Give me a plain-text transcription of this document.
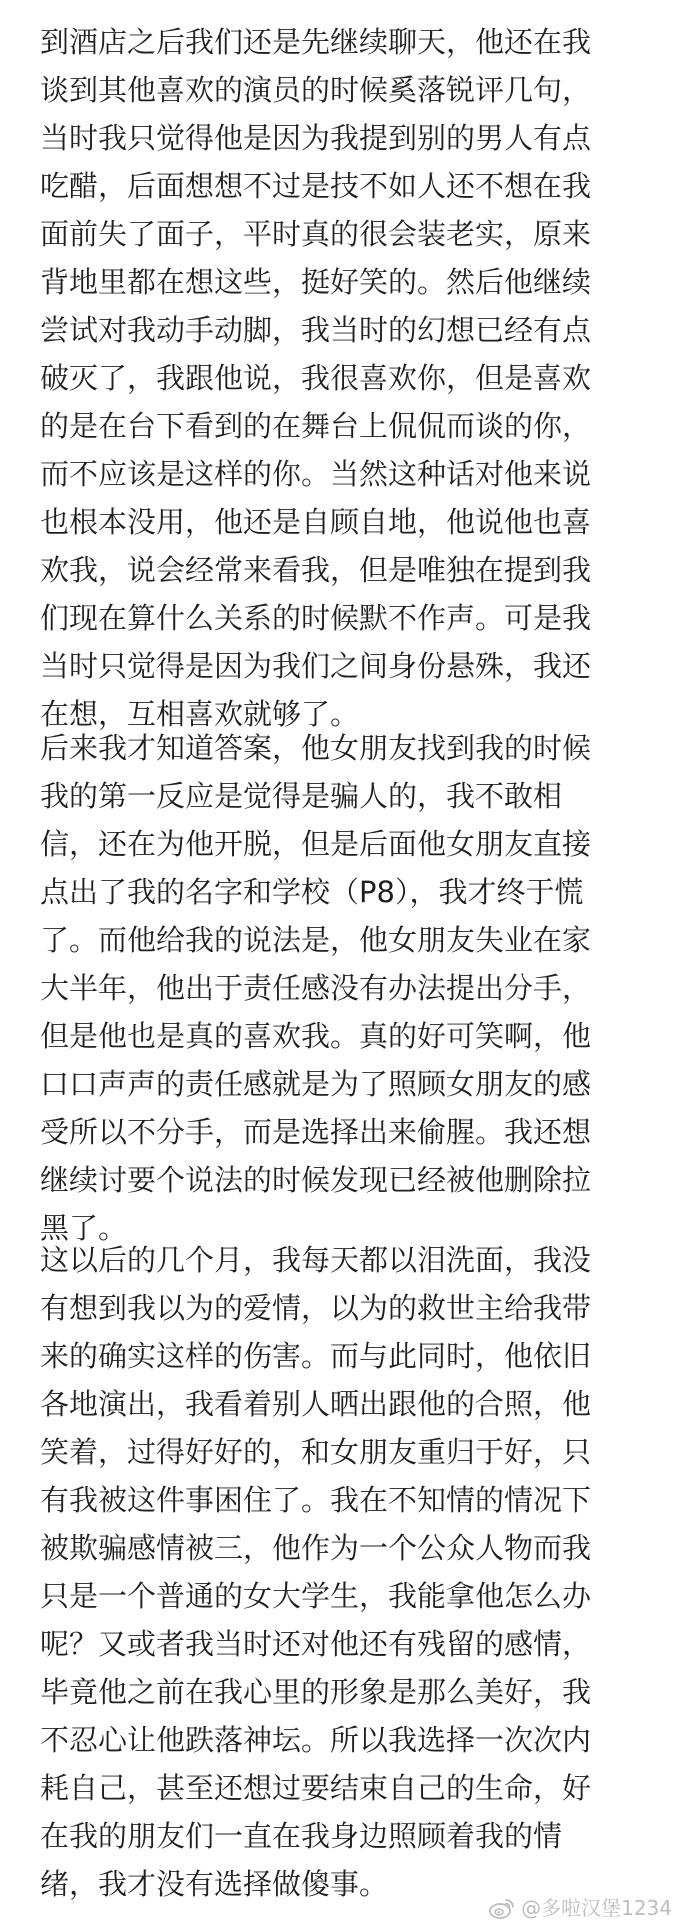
到酒店之后我们还是先继续聊天，他还在我
谈到其他喜欢的演员的时候奚落锐评几句，
当时我只觉得他是因为我提到别的男人有点
吃醋，后面想想不过是技不如人还不想在我
面前失了面子，平时真的很会装老实，原来
背地里都在想这些，挺好笑的。然后他继续
尝试对我动手动脚，我当时的幻想已经有点
破灭了，我跟他说，我很喜欢你，但是喜欢
的是在台下看到的在舞台上侃侃而谈的你，
而不应该是这样的你。当然这种话对他来说
也根本没用，他还是自顾自地，他说他也喜
欢我，说会经常来看我，但是唯独在提到我
们现在算什么关系的时候默不作声。可是我
当时只觉得是因为我们之间身份悬殊，我还
在想，互相喜欢就够了。
后来我才知道答案，他女朋友找到我的时候
我的第一反应是觉得是骗人的，我不敢相
信，还在为他开脱，但是后面他女朋友直接
点出了我的名字和学校（P8），我才终于慌
了。而他给我的说法是，他女朋友失业在家
大半年，他出于责任感没有办法提出分手，
但是他也是真的喜欢我。真的好可笑啊，他
口口声声的责任感就是为了照顾女朋友的感
受所以不分手，而是选择出来偷腥。我还想
继续讨要个说法的时候发现已经被他删除拉
黑了。
这以后的几个月，我每天都以泪洗面，我没
有想到我以为的爱情，以为的救世主给我带
来的确实这样的伤害。而与此同时，他依旧
各地演出，我看着别人晒出跟他的合照，他
笑着，过得好好的，和女朋友重归于好，只
有我被这件事困住了。我在不知情的情况下
被欺骗感情被三，他作为一个公众人物而我
只是一个普通的女大学生，我能拿他怎么办
呢？又或者我当时还对他还有残留的感情，
毕竟他之前在我心里的形象是那么美好，我
不忍心让他跌落神坛。所以我选择一次次内
耗自己，甚至还想过要结束自己的生命，好
在我的朋友们一直在我身边照顾着我的情
绪，我才没有选择做傻事。
@多啦汉堡1234
